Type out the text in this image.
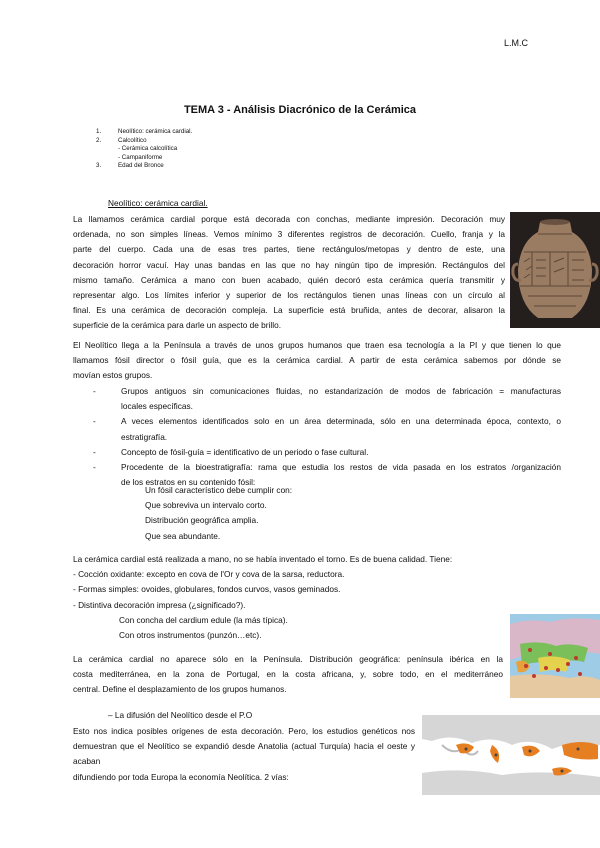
L.M.C
TEMA 3 - Análisis Diacrónico de la Cerámica
1.	Neolítico: cerámica cardial.
2.	Calcolítico
- Cerámica calcolítica
- Campaniforme
3.	Edad del Bronce
Neolítico: cerámica cardial.
La llamamos cerámica cardial porque está decorada con conchas, mediante impresión. Decoración muy
ordenada, no son simples líneas. Vemos mínimo 3 diferentes registros de decoración. Cuello, franja y la
parte del cuerpo. Cada una de esas tres partes, tiene rectángulos/metopas y dentro de este, una
decoración horror vacuí. Hay unas bandas en las que no hay ningún tipo de impresión. Rectángulos del
mismo tamaño. Cerámica a mano con buen acabado, quién decoró esta cerámica quería transmitir y
representar algo. Los límites inferior y superior de los rectángulos tienen unas líneas con un círculo al
final. Es una cerámica de decoración compleja. La superficie está bruñida, antes de decorar, alisaron la
superficie de la cerámica para darle un aspecto de brillo.
El Neolítico llega a la Península a través de unos grupos humanos que traen esa tecnología a la PI y que tienen lo que
llamamos fósil director o fósil guía, que es la cerámica cardial. A partir de esta cerámica sabemos por dónde se
movían estos grupos.
- Grupos antiguos sin comunicaciones fluidas, no estandarización de modos de fabricación = manufacturas
locales específicas.
- A veces elementos identificados solo en un área determinada, sólo en una determinada época, contexto, o
estratigrafía.
- Concepto de fósil-guía = identificativo de un periodo o fase cultural.
- Procedente de la bioestratigrafía: rama que estudia los restos de vida pasada en los estratos /organización
de los estratos en su contenido fósil:
Un fósil característico debe cumplir con:
Que sobreviva un intervalo corto.
Distribución geográfica amplia.
Que sea abundante.
La cerámica cardial está realizada a mano, no se había inventado el torno. Es de buena calidad. Tiene:
- Cocción oxidante: excepto en cova de l'Or y cova de la sarsa, reductora.
- Formas simples: ovoides, globulares, fondos curvos, vasos geminados.
- Distintiva decoración impresa (¿significado?).
Con concha del cardium edule (la más típica).
Con otros instrumentos (punzón…etc).
La cerámica cardial no aparece sólo en la Península. Distribución geográfica: península ibérica en la
costa mediterránea, en la zona de Portugal, en la costa africana, y, sobre todo, en el mediterráneo
central. Define el desplazamiento de los grupos humanos.
– La difusión del Neolítico desde el P.O
Esto nos indica posibles orígenes de esta decoración. Pero, los estudios genéticos nos
demuestran que el Neolítico se expandió desde Anatolia (actual Turquía) hacia el oeste y acaban
difundiendo por toda Europa la economía Neolítica. 2 vías:
